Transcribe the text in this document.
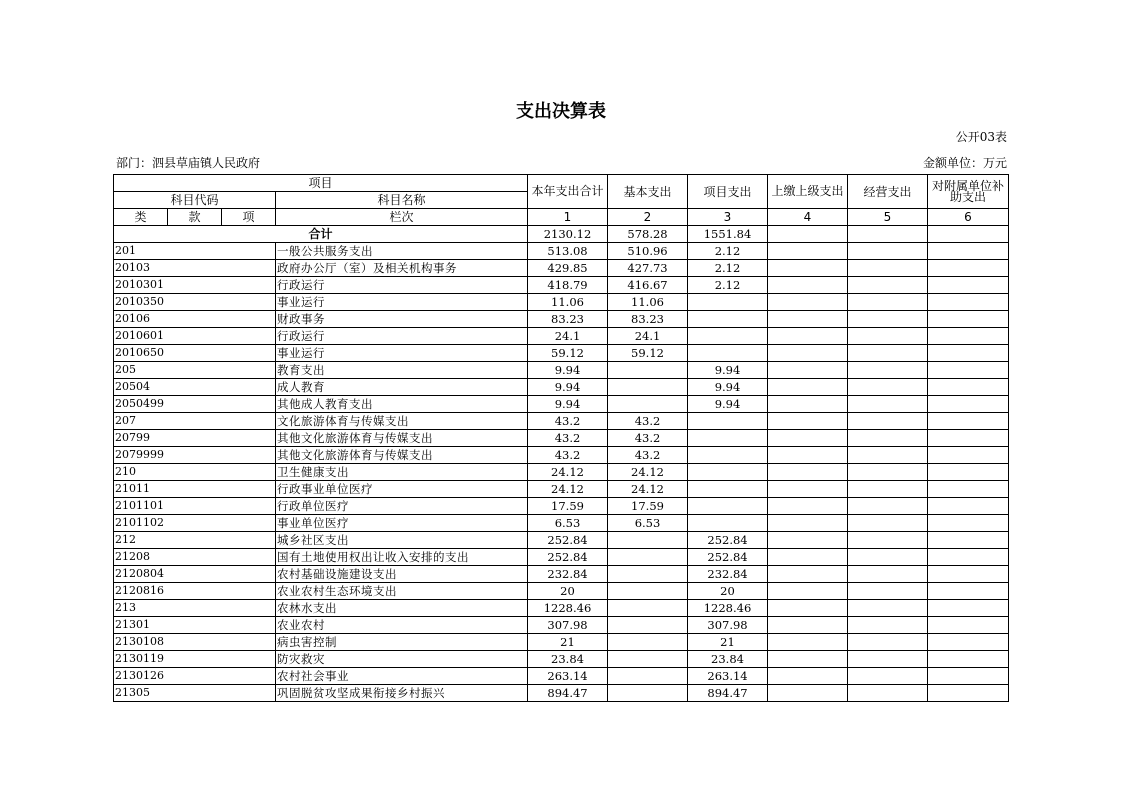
支出决算表
公开03表
部门：泗县草庙镇人民政府	金额单位：万元
项目				本年支出合计	基本支出	项目支出	上缴上级支出	经营支出	对附属单位补助支出
科目代码			科目名称						
类	款	项		1	2	3	4	5	6
			栏次						
合计				2130.12	578.28	1551.84			
201			一般公共服务支出	513.08	510.96	2.12			
20103			政府办公厅（室）及相关机构事务	429.85	427.73	2.12			
2010301			行政运行	418.79	416.67	2.12			
2010350			事业运行	11.06	11.06				
20106			财政事务	83.23	83.23				
2010601			行政运行	24.1	24.1				
2010650			事业运行	59.12	59.12				
205			教育支出	9.94		9.94			
20504			成人教育	9.94		9.94			
2050499			其他成人教育支出	9.94		9.94			
207			文化旅游体育与传媒支出	43.2	43.2				
20799			其他文化旅游体育与传媒支出	43.2	43.2				
2079999			其他文化旅游体育与传媒支出	43.2	43.2				
210			卫生健康支出	24.12	24.12				
21011			行政事业单位医疗	24.12	24.12				
2101101			行政单位医疗	17.59	17.59				
2101102			事业单位医疗	6.53	6.53				
212			城乡社区支出	252.84		252.84			
21208			国有土地使用权出让收入安排的支出	252.84		252.84			
2120804			农村基础设施建设支出	232.84		232.84			
2120816			农业农村生态环境支出	20		20			
213			农林水支出	1228.46		1228.46			
21301			农业农村	307.98		307.98			
2130108			病虫害控制	21		21			
2130119			防灾救灾	23.84		23.84			
2130126			农村社会事业	263.14		263.14			
21305			巩固脱贫攻坚成果衔接乡村振兴	894.47		894.47			
